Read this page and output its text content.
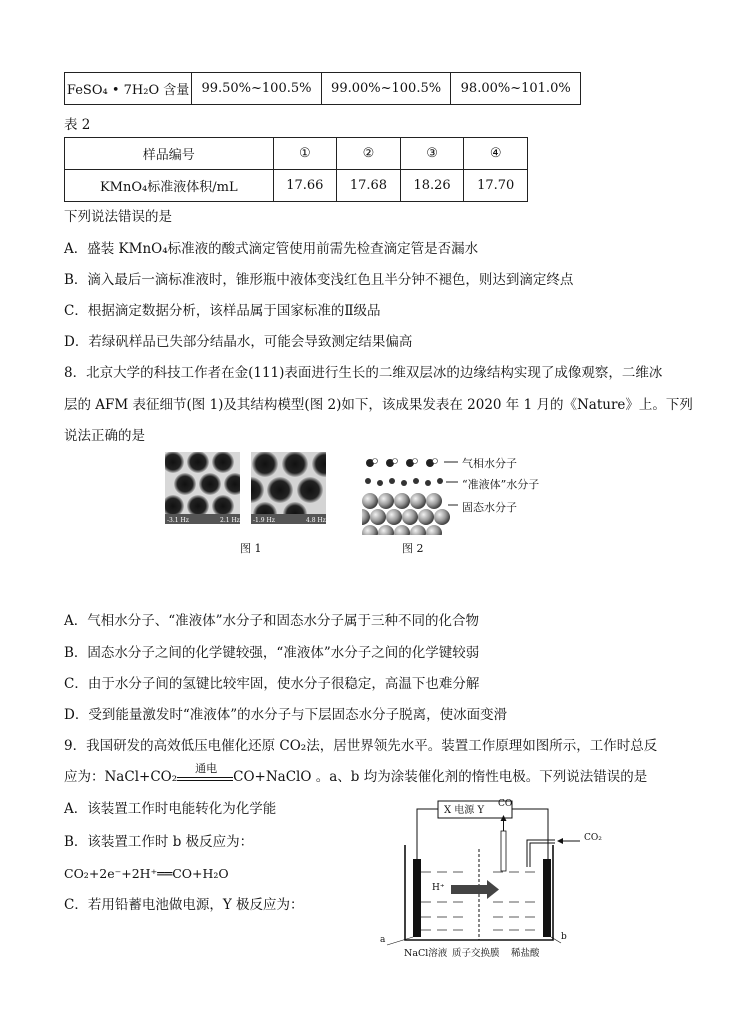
FeSO₄ • 7H₂O 含量	99.50%~100.5%	99.00%~100.5%	98.00%~101.0%
表 2
样品编号	①	②	③	④
KMnO₄标准液体积/mL	17.66	17.68	18.26	17.70
下列说法错误的是
A．盛装 KMnO₄标准液的酸式滴定管使用前需先检查滴定管是否漏水
B．滴入最后一滴标准液时，锥形瓶中液体变浅红色且半分钟不褪色，则达到滴定终点
C．根据滴定数据分析，该样品属于国家标准的Ⅱ级品
D．若绿矾样品已失部分结晶水，可能会导致测定结果偏高
8．北京大学的科技工作者在金(111)表面进行生长的二维双层冰的边缘结构实现了成像观察，二维冰
层的 AFM 表征细节(图 1)及其结构模型(图 2)如下，该成果发表在 2020 年 1 月的《Nature》上。下列
说法正确的是
-3.1 Hz	2.1 Hz -1.9 Hz	4.8 Hz
图 1
气相水分子
“准液体”水分子
固态水分子
图 2
A．气相水分子、“准液体”水分子和固态水分子属于三种不同的化合物
B．固态水分子之间的化学键较强，“准液体”水分子之间的化学键较弱
C．由于水分子间的氢键比较牢固，使水分子很稳定，高温下也难分解
D．受到能量激发时“准液体”的水分子与下层固态水分子脱离，使冰面变滑
9．我国研发的高效低压电催化还原 CO₂法，居世界领先水平。装置工作原理如图所示，工作时总反
应为：NaCl+CO₂
通电
CO+NaClO 。a、b 均为涂装催化剂的惰性电极。下列说法错误的是
A．该装置工作时电能转化为化学能
B．该装置工作时 b 极反应为：
CO₂+2e⁻+2H⁺══CO+H₂O
C．若用铅蓄电池做电源，Y 极反应为：
X 电源 Y
CO
CO₂
H⁺
a	b
NaCl溶液 质子交换膜 稀盐酸
